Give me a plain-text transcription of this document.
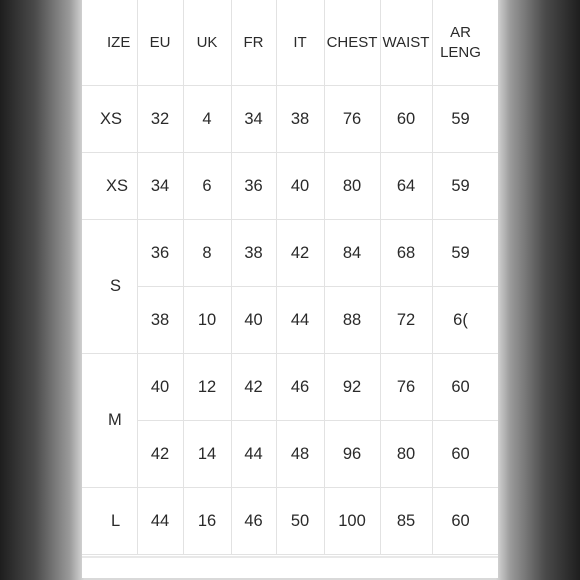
IZE	EU	UK	FR	IT	CHEST	WAIST	AR LENG

XS	32	4	34	38	76	60	59

XS	34	6	36	40	80	64	59

S	36	8	38	42	84	68	59

	38	10	40	44	88	72	6(

M	40	12	42	46	92	76	60

	42	14	44	48	96	80	60

L	44	16	46	50	100	85	60
